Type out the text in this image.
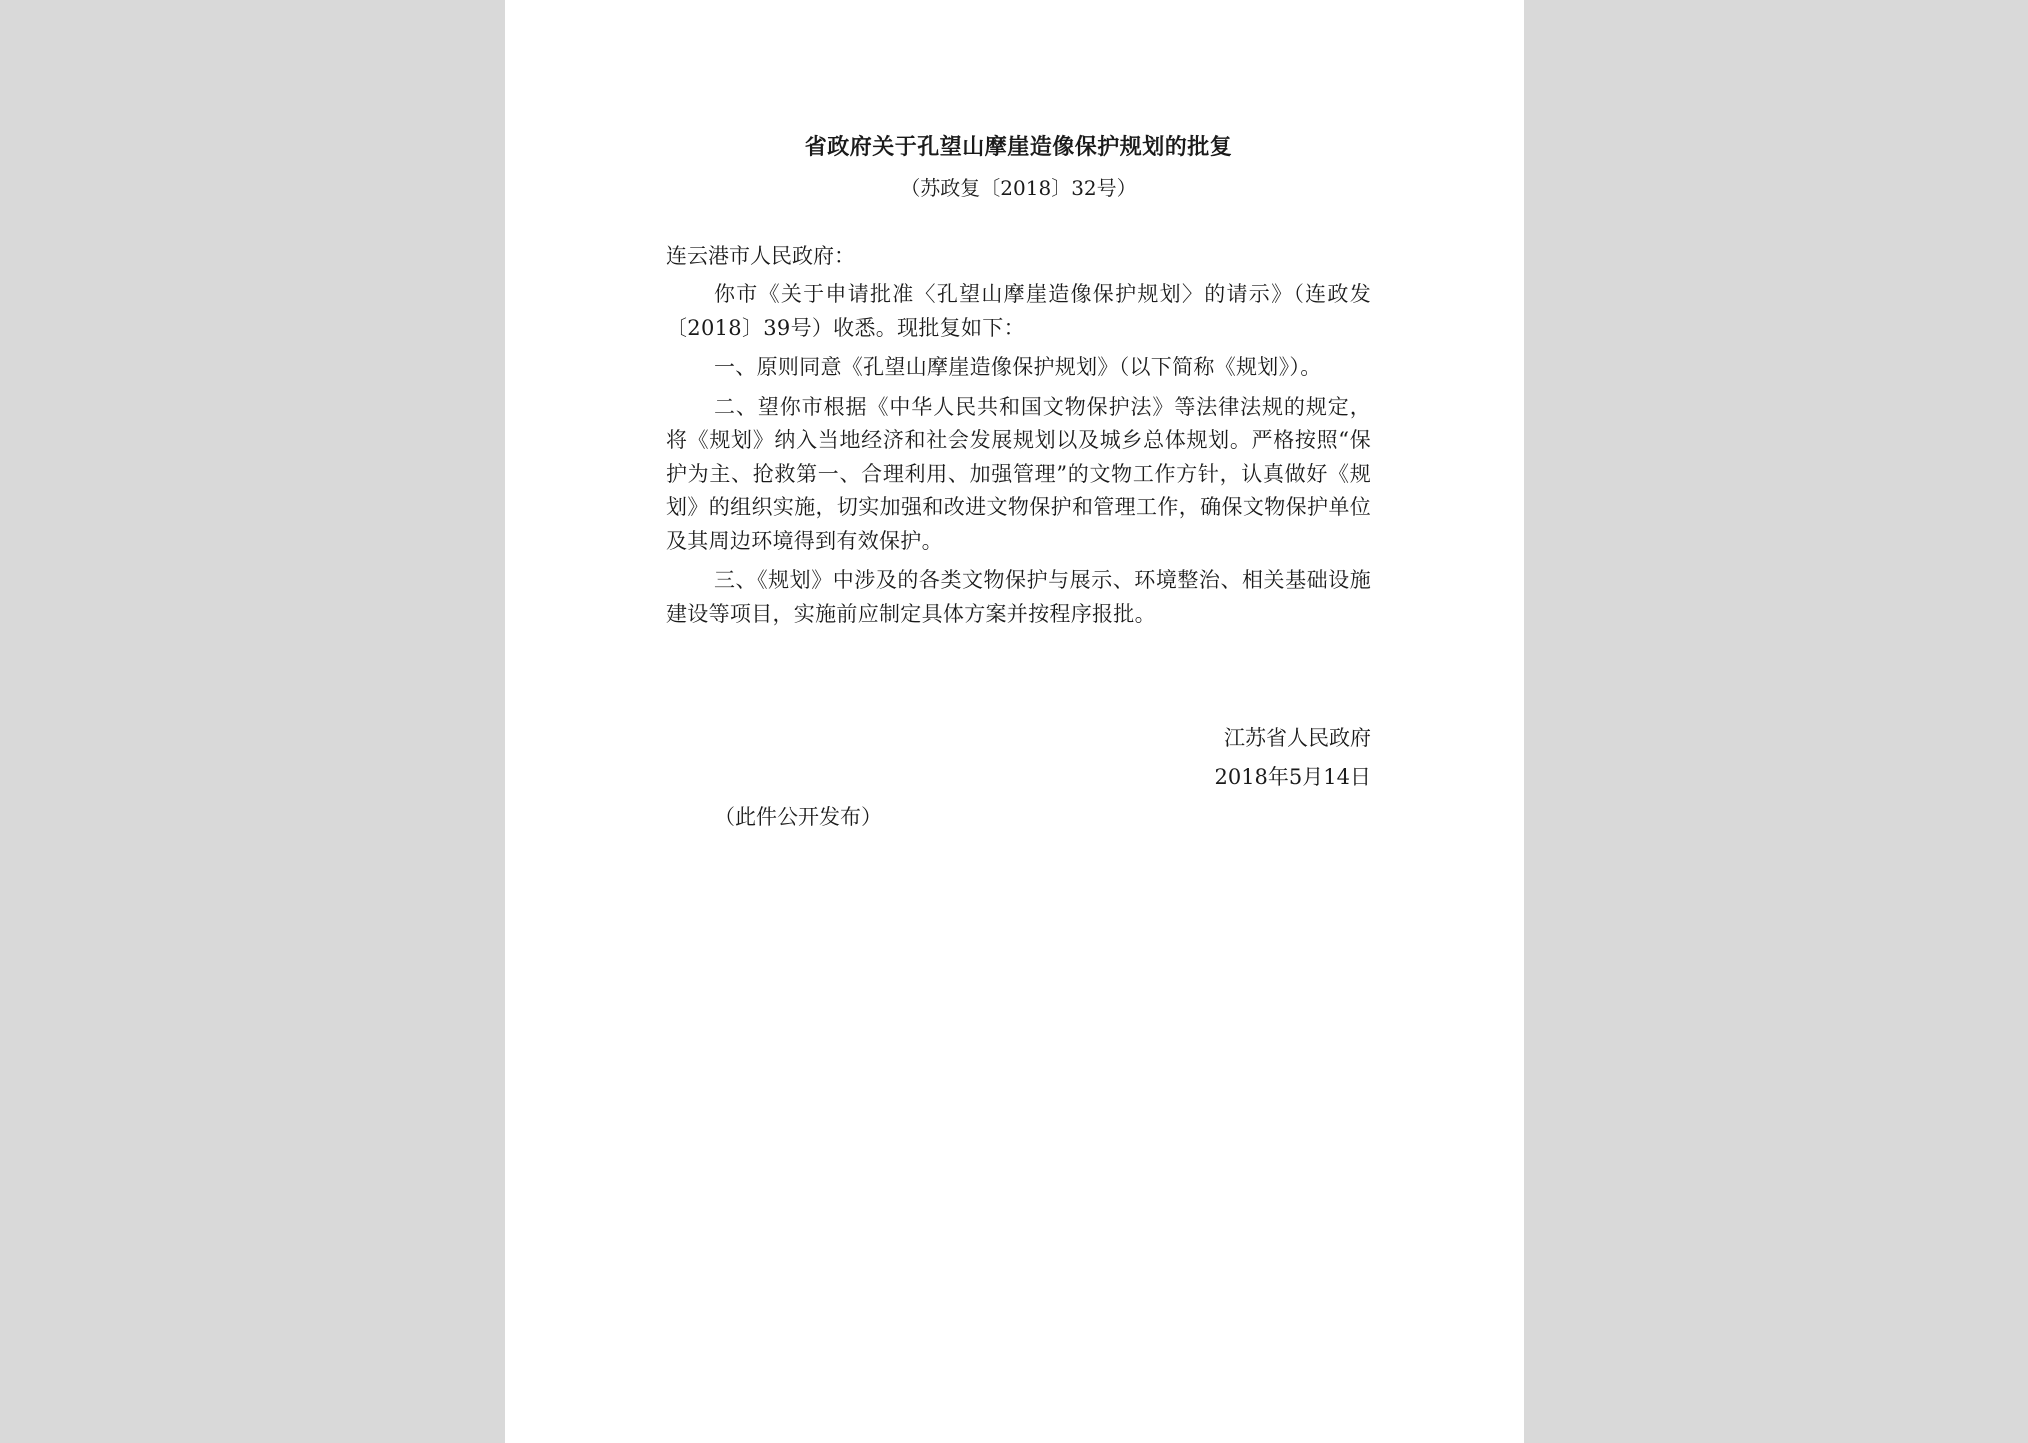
省政府关于孔望山摩崖造像保护规划的批复

（苏政复〔2018〕32号）

连云港市人民政府：

你市《关于申请批准〈孔望山摩崖造像保护规划〉的请示》（连政发〔2018〕39号）收悉。现批复如下：

一、原则同意《孔望山摩崖造像保护规划》（以下简称《规划》）。

二、望你市根据《中华人民共和国文物保护法》等法律法规的规定，将《规划》纳入当地经济和社会发展规划以及城乡总体规划。严格按照“保护为主、抢救第一、合理利用、加强管理”的文物工作方针，认真做好《规划》的组织实施，切实加强和改进文物保护和管理工作，确保文物保护单位及其周边环境得到有效保护。

三、《规划》中涉及的各类文物保护与展示、环境整治、相关基础设施建设等项目，实施前应制定具体方案并按程序报批。

江苏省人民政府
2018年5月14日
（此件公开发布）
